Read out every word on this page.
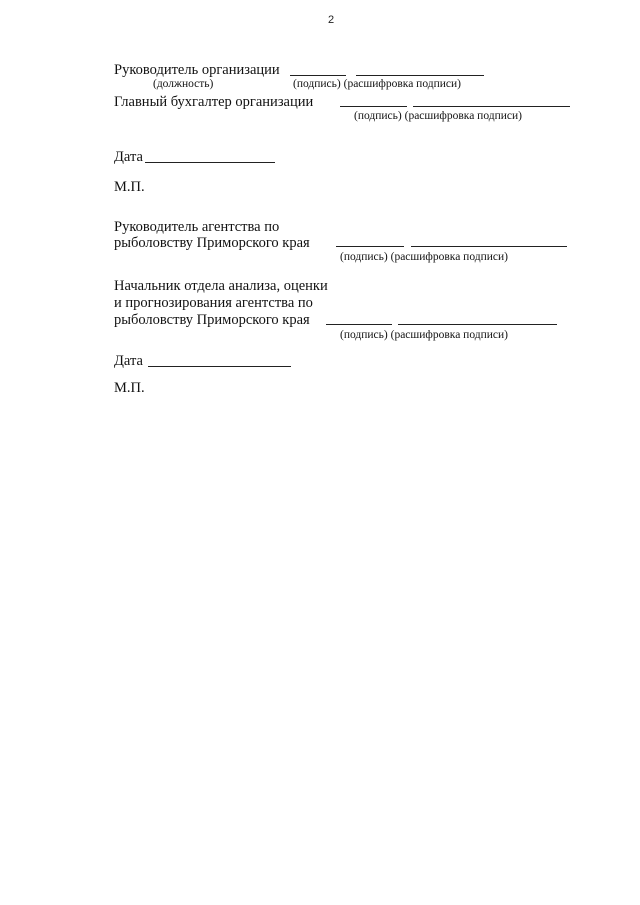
2
Руководитель организации
(должность)	(подпись) (расшифровка подписи)
Главный бухгалтер организации
(подпись) (расшифровка подписи)
Дата
М.П.
Руководитель агентства по
рыболовству Приморского края
(подпись) (расшифровка подписи)
Начальник отдела анализа, оценки
и прогнозирования агентства по
рыболовству Приморского края
(подпись) (расшифровка подписи)
Дата
М.П.
